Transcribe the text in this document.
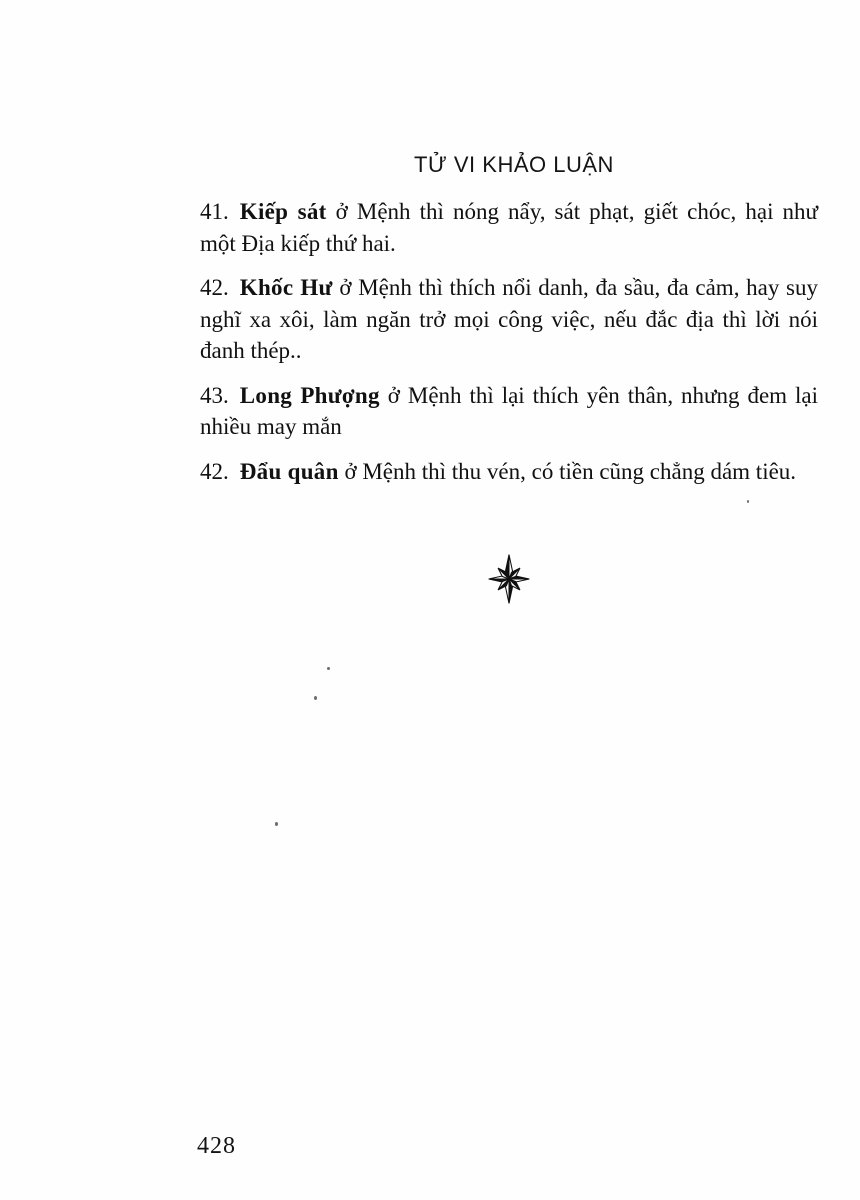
TỬ VI KHẢO LUẬN

41. Kiếp sát ở Mệnh thì nóng nẩy, sát phạt, giết chóc, hại như một Địa kiếp thứ hai.

42. Khốc Hư ở Mệnh thì thích nổi danh, đa sầu, đa cảm, hay suy nghĩ xa xôi, làm ngăn trở mọi công việc, nếu đắc địa thì lời nói đanh thép..

43. Long Phượng ở Mệnh thì lại thích yên thân, nhưng đem lại nhiều may mắn

42. Đẩu quân ở Mệnh thì thu vén, có tiền cũng chẳng dám tiêu.

428
